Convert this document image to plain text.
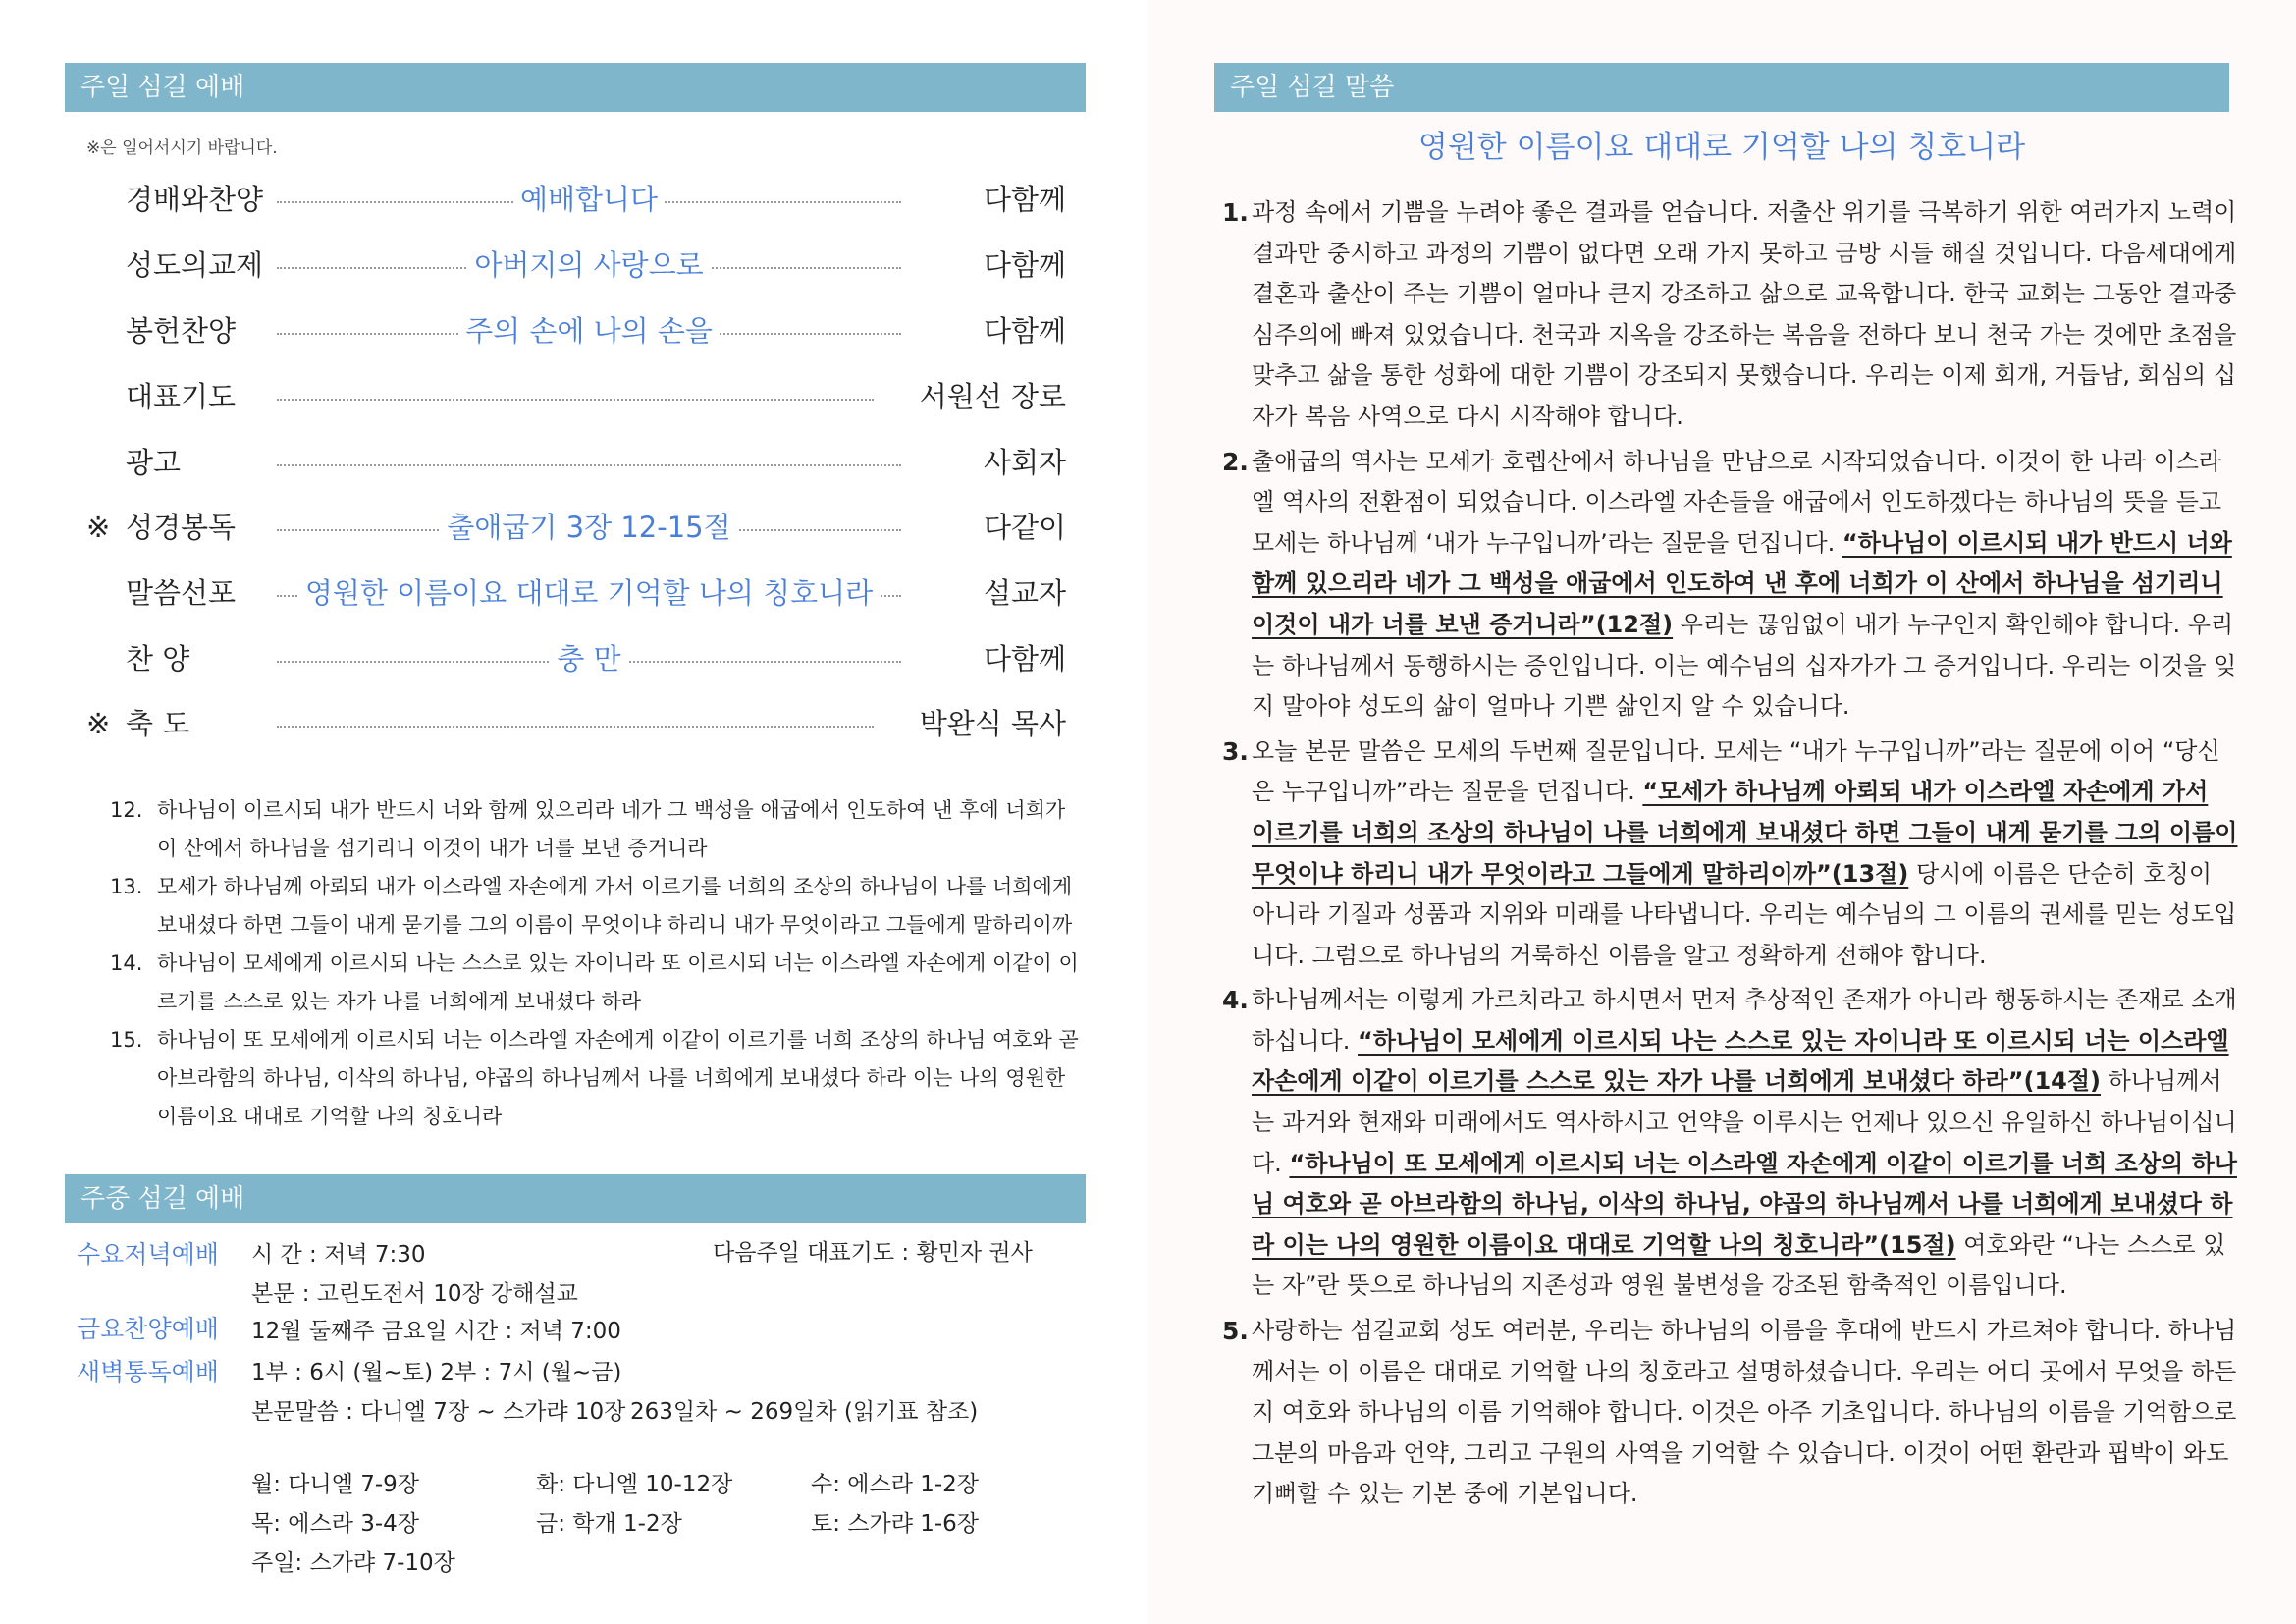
주일 섬길 예배
※은 일어서시기 바랍니다.
경배와찬양	예배합니다	다함께
성도의교제	아버지의 사랑으로	다함께
봉헌찬양	주의 손에 나의 손을	다함께
대표기도	서원선 장로
광고	사회자
※ 성경봉독	출애굽기 3장 12-15절	다같이
말씀선포	영원한 이름이요 대대로 기억할 나의 칭호니라	설교자
찬 양	충 만	다함께
※ 축 도	박완식 목사
12. 하나님이 이르시되 내가 반드시 너와 함께 있으리라 네가 그 백성을 애굽에서 인도하여 낸 후에 너희가 이 산에서 하나님을 섬기리니 이것이 내가 너를 보낸 증거니라
13. 모세가 하나님께 아뢰되 내가 이스라엘 자손에게 가서 이르기를 너희의 조상의 하나님이 나를 너희에게 보내셨다 하면 그들이 내게 묻기를 그의 이름이 무엇이냐 하리니 내가 무엇이라고 그들에게 말하리이까
14. 하나님이 모세에게 이르시되 나는 스스로 있는 자이니라 또 이르시되 너는 이스라엘 자손에게 이같이 이르기를 스스로 있는 자가 나를 너희에게 보내셨다 하라
15. 하나님이 또 모세에게 이르시되 너는 이스라엘 자손에게 이같이 이르기를 너희 조상의 하나님 여호와 곧 아브라함의 하나님, 이삭의 하나님, 야곱의 하나님께서 나를 너희에게 보내셨다 하라 이는 나의 영원한 이름이요 대대로 기억할 나의 칭호니라
주중 섬길 예배
수요저녁예배 시 간 : 저녁 7:30	다음주일 대표기도 : 황민자 권사
본문 : 고린도전서 10장 강해설교
금요찬양예배 12월 둘째주 금요일 시간 : 저녁 7:00
새벽통독예배 1부 : 6시 (월~토) 2부 : 7시 (월~금)
본문말씀 : 다니엘 7장 ~ 스가랴 10장 263일차 ~ 269일차 (읽기표 참조)
월: 다니엘 7-9장	화: 다니엘 10-12장	수: 에스라 1-2장
목: 에스라 3-4장	금: 학개 1-2장	토: 스가랴 1-6장
주일: 스가랴 7-10장
주일 섬길 말씀
영원한 이름이요 대대로 기억할 나의 칭호니라
1. 과정 속에서 기쁨을 누려야 좋은 결과를 얻습니다. 저출산 위기를 극복하기 위한 여러가지 노력이 결과만 중시하고 과정의 기쁨이 없다면 오래 가지 못하고 금방 시들 해질 것입니다. 다음세대에게 결혼과 출산이 주는 기쁨이 얼마나 큰지 강조하고 삶으로 교육합니다. 한국 교회는 그동안 결과중심주의에 빠져 있었습니다. 천국과 지옥을 강조하는 복음을 전하다 보니 천국 가는 것에만 초점을 맞추고 삶을 통한 성화에 대한 기쁨이 강조되지 못했습니다. 우리는 이제 회개, 거듭남, 회심의 십자가 복음 사역으로 다시 시작해야 합니다.
2. 출애굽의 역사는 모세가 호렙산에서 하나님을 만남으로 시작되었습니다. 이것이 한 나라 이스라엘 역사의 전환점이 되었습니다. 이스라엘 자손들을 애굽에서 인도하겠다는 하나님의 뜻을 듣고 모세는 하나님께 ‘내가 누구입니까’라는 질문을 던집니다. “하나님이 이르시되 내가 반드시 너와 함께 있으리라 네가 그 백성을 애굽에서 인도하여 낸 후에 너희가 이 산에서 하나님을 섬기리니 이것이 내가 너를 보낸 증거니라”(12절) 우리는 끊임없이 내가 누구인지 확인해야 합니다. 우리는 하나님께서 동행하시는 증인입니다. 이는 예수님의 십자가가 그 증거입니다. 우리는 이것을 잊지 말아야 성도의 삶이 얼마나 기쁜 삶인지 알 수 있습니다.
3. 오늘 본문 말씀은 모세의 두번째 질문입니다. 모세는 “내가 누구입니까”라는 질문에 이어 “당신은 누구입니까”라는 질문을 던집니다. “모세가 하나님께 아뢰되 내가 이스라엘 자손에게 가서 이르기를 너희의 조상의 하나님이 나를 너희에게 보내셨다 하면 그들이 내게 묻기를 그의 이름이 무엇이냐 하리니 내가 무엇이라고 그들에게 말하리이까”(13절) 당시에 이름은 단순히 호칭이 아니라 기질과 성품과 지위와 미래를 나타냅니다. 우리는 예수님의 그 이름의 권세를 믿는 성도입니다. 그럼으로 하나님의 거룩하신 이름을 알고 정확하게 전해야 합니다.
4. 하나님께서는 이렇게 가르치라고 하시면서 먼저 추상적인 존재가 아니라 행동하시는 존재로 소개하십니다. “하나님이 모세에게 이르시되 나는 스스로 있는 자이니라 또 이르시되 너는 이스라엘 자손에게 이같이 이르기를 스스로 있는 자가 나를 너희에게 보내셨다 하라”(14절) 하나님께서는 과거와 현재와 미래에서도 역사하시고 언약을 이루시는 언제나 있으신 유일하신 하나님이십니다. “하나님이 또 모세에게 이르시되 너는 이스라엘 자손에게 이같이 이르기를 너희 조상의 하나님 여호와 곧 아브라함의 하나님, 이삭의 하나님, 야곱의 하나님께서 나를 너희에게 보내셨다 하라 이는 나의 영원한 이름이요 대대로 기억할 나의 칭호니라”(15절) 여호와란 “나는 스스로 있는 자”란 뜻으로 하나님의 지존성과 영원 불변성을 강조된 함축적인 이름입니다.
5. 사랑하는 섬길교회 성도 여러분, 우리는 하나님의 이름을 후대에 반드시 가르쳐야 합니다. 하나님께서는 이 이름은 대대로 기억할 나의 칭호라고 설명하셨습니다. 우리는 어디 곳에서 무엇을 하든지 여호와 하나님의 이름 기억해야 합니다. 이것은 아주 기초입니다. 하나님의 이름을 기억함으로 그분의 마음과 언약, 그리고 구원의 사역을 기억할 수 있습니다. 이것이 어떤 환란과 핍박이 와도 기뻐할 수 있는 기본 중에 기본입니다.
